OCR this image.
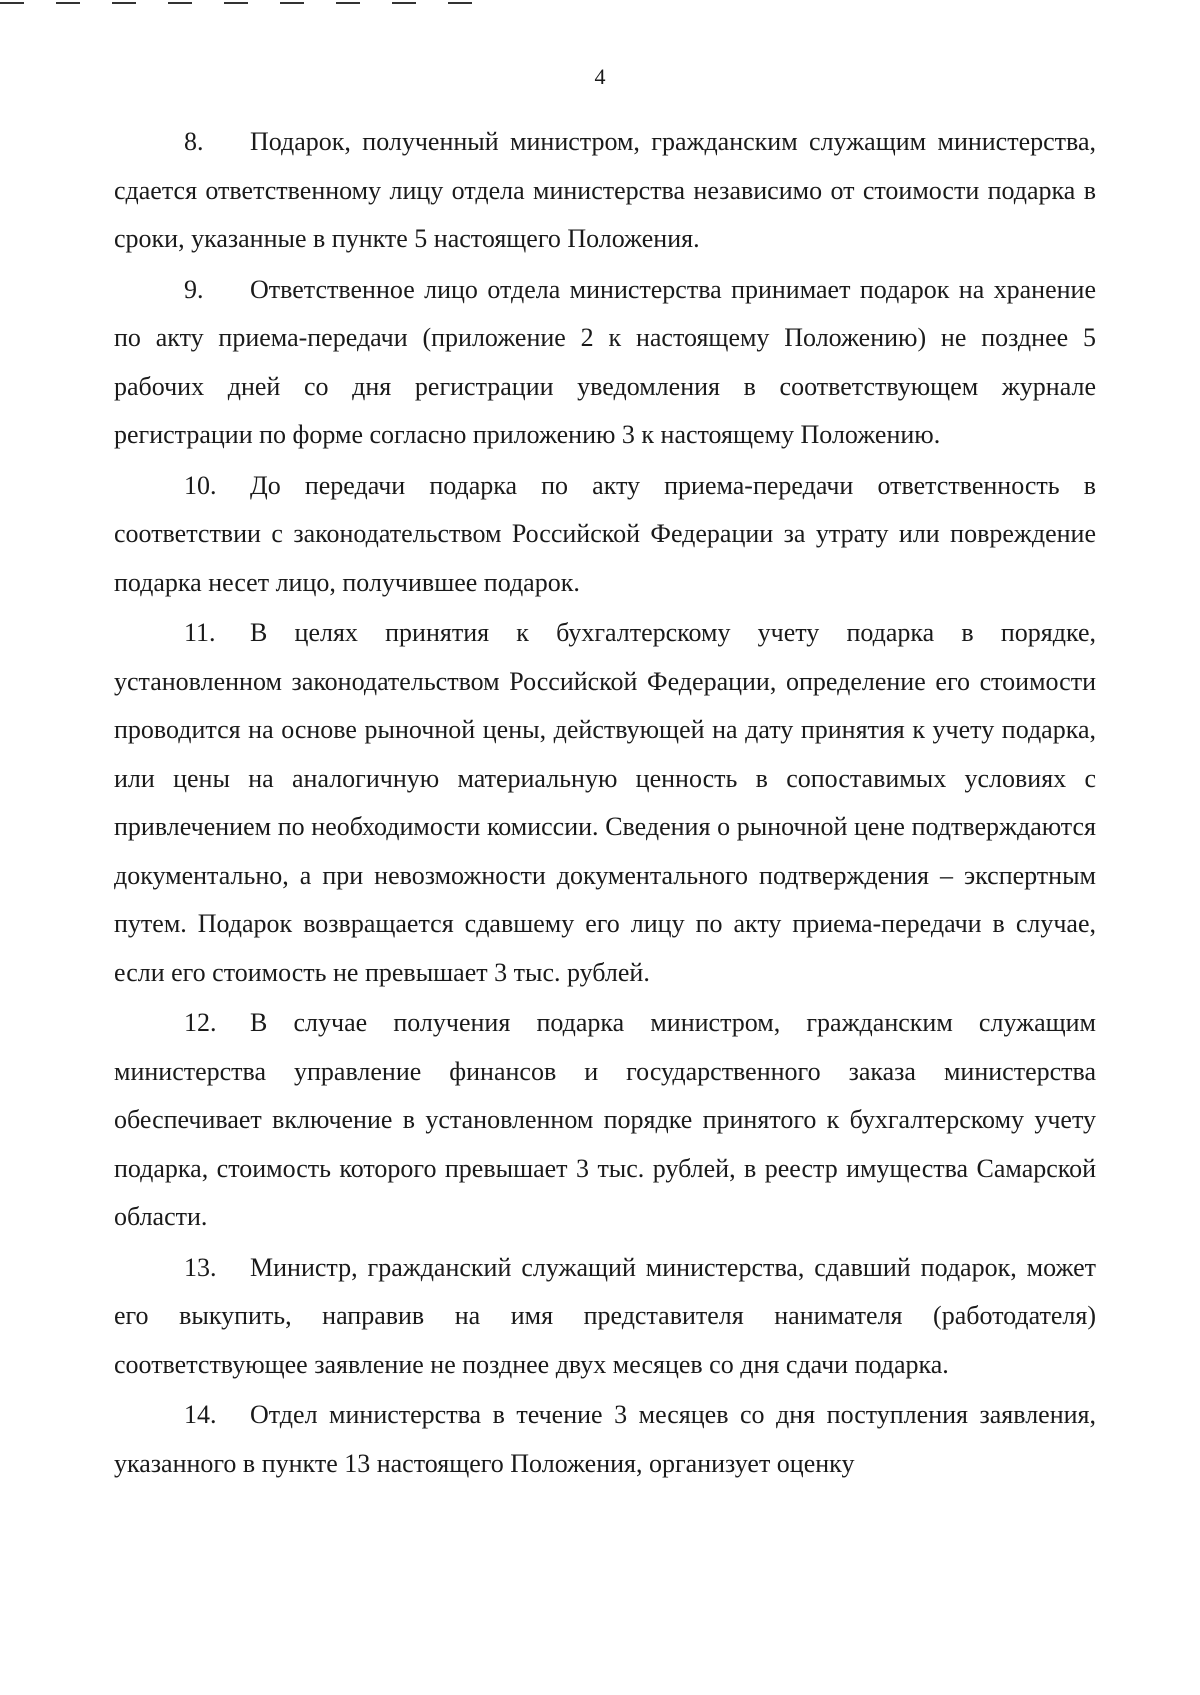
4

8. Подарок, полученный министром, гражданским служащим министерства, сдается ответственному лицу отдела министерства независимо от стоимости подарка в сроки, указанные в пункте 5 настоящего Положения.

9. Ответственное лицо отдела министерства принимает подарок на хранение по акту приема-передачи (приложение 2 к настоящему Положению) не позднее 5 рабочих дней со дня регистрации уведомления в соответствующем журнале регистрации по форме согласно приложению 3 к настоящему Положению.

10. До передачи подарка по акту приема-передачи ответственность в соответствии с законодательством Российской Федерации за утрату или повреждение подарка несет лицо, получившее подарок.

11. В целях принятия к бухгалтерскому учету подарка в порядке, установленном законодательством Российской Федерации, определение его стоимости проводится на основе рыночной цены, действующей на дату принятия к учету подарка, или цены на аналогичную материальную ценность в сопоставимых условиях с привлечением по необходимости комиссии. Сведения о рыночной цене подтверждаются документально, а при невозможности документального подтверждения – экспертным путем. Подарок возвращается сдавшему его лицу по акту приема-передачи в случае, если его стоимость не превышает 3 тыс. рублей.

12. В случае получения подарка министром, гражданским служащим министерства управление финансов и государственного заказа министерства обеспечивает включение в установленном порядке принятого к бухгалтерскому учету подарка, стоимость которого превышает 3 тыс. рублей, в реестр имущества Самарской области.

13. Министр, гражданский служащий министерства, сдавший подарок, может его выкупить, направив на имя представителя нанимателя (работодателя) соответствующее заявление не позднее двух месяцев со дня сдачи подарка.

14. Отдел министерства в течение 3 месяцев со дня поступления заявления, указанного в пункте 13 настоящего Положения, организует оценку
